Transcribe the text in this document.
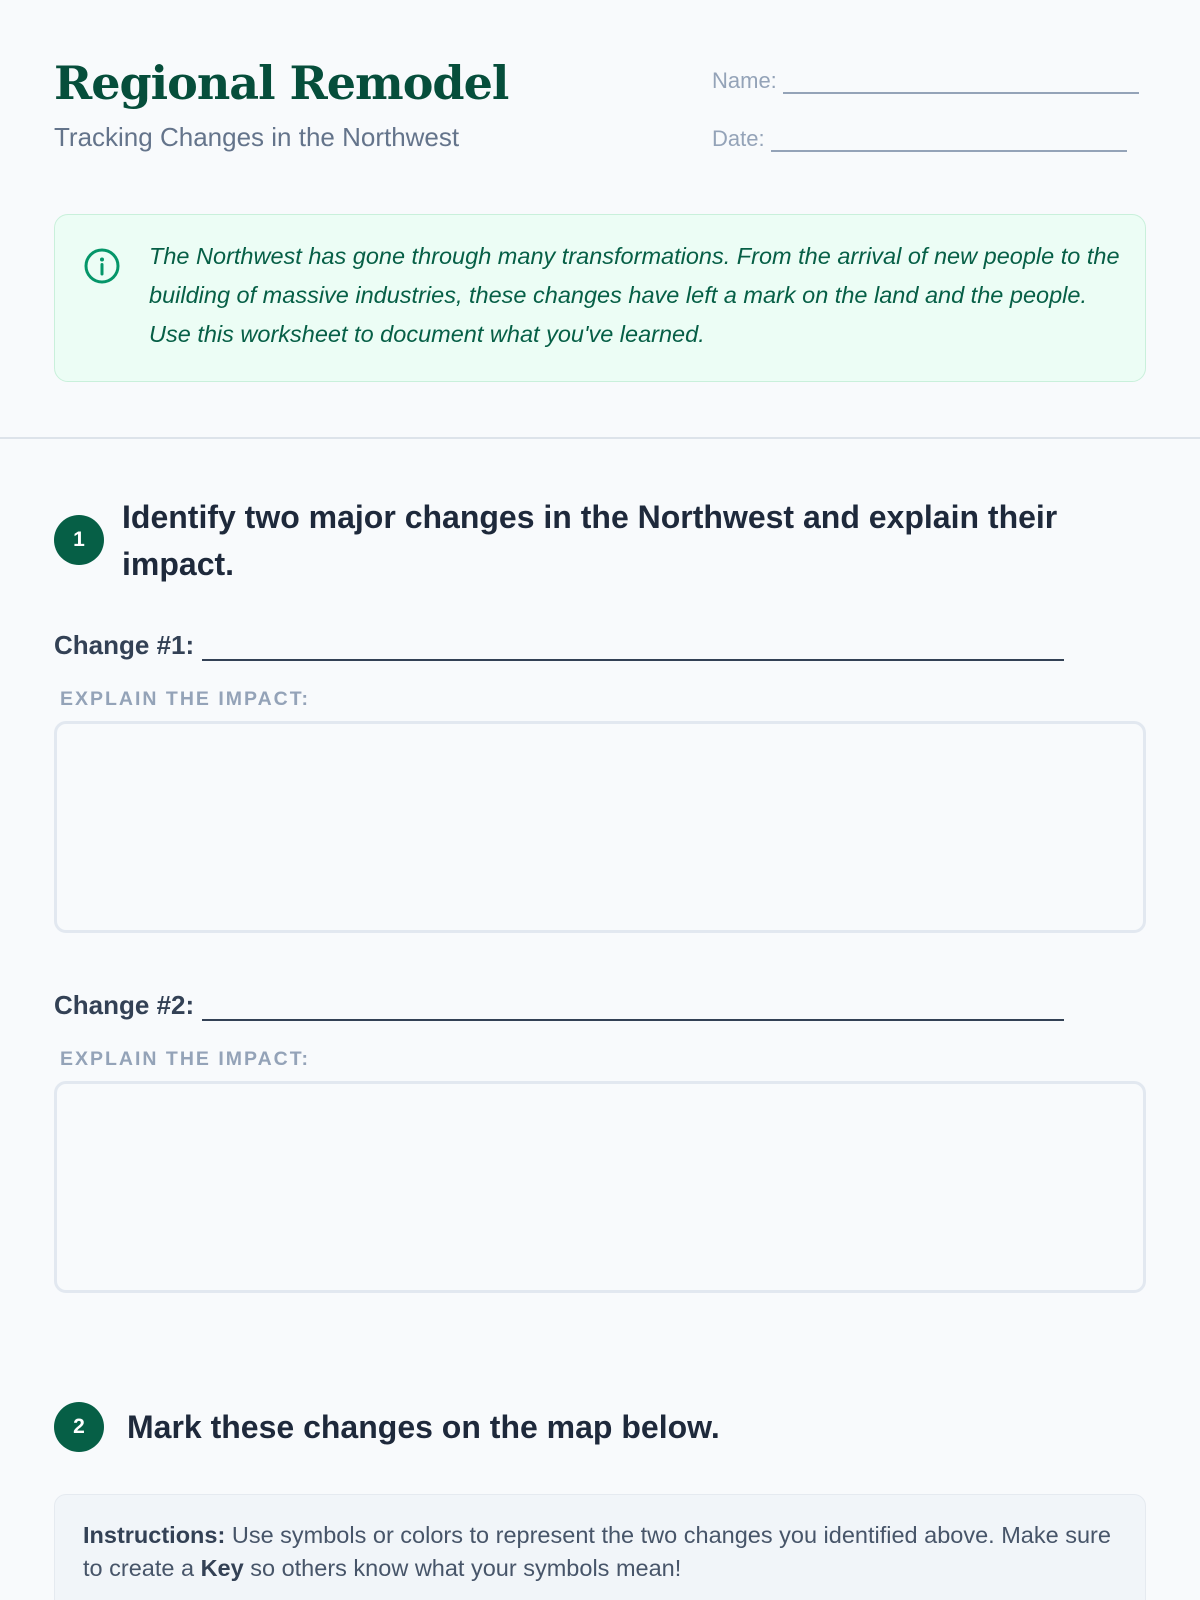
Regional Remodel
Tracking Changes in the Northwest
Name:
Date:
The Northwest has gone through many transformations. From the arrival of new people to the building of massive industries, these changes have left a mark on the land and the people. Use this worksheet to document what you've learned.
1
Identify two major changes in the Northwest and explain their impact.
Change #1:
EXPLAIN THE IMPACT:
Change #2:
EXPLAIN THE IMPACT:
2	Mark these changes on the map below.
Instructions: Use symbols or colors to represent the two changes you identified above. Make sure to create a Key so others know what your symbols mean!
